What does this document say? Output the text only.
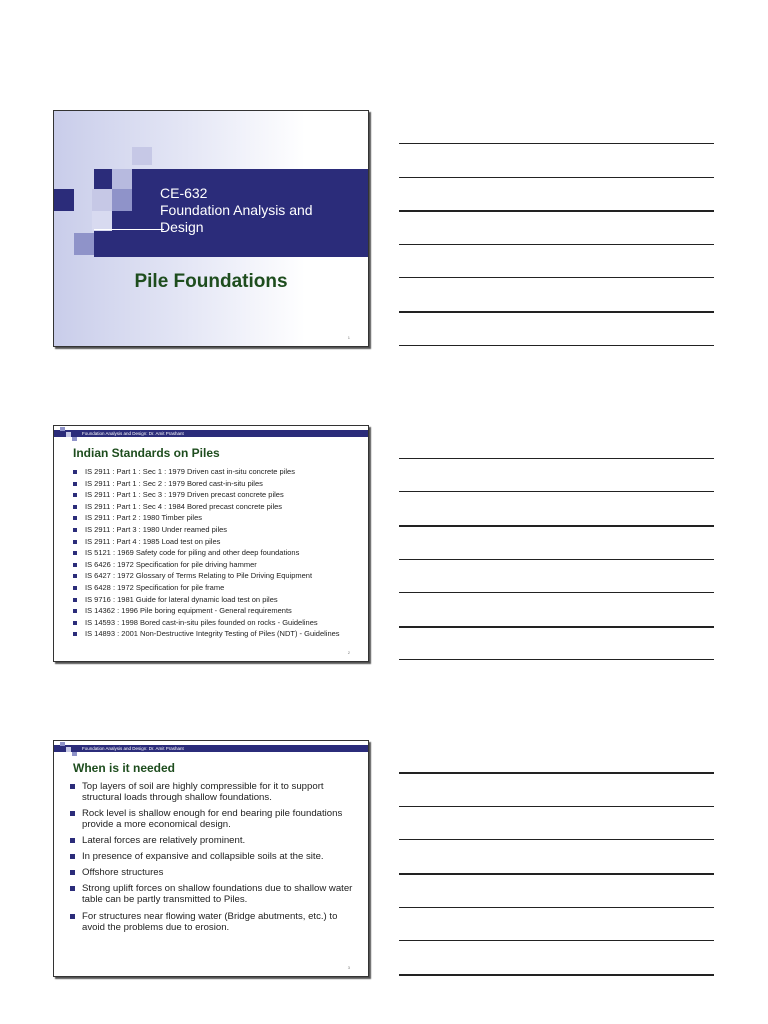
CE-632
Foundation Analysis and
Design
Pile Foundations
1
Foundation Analysis and Design: Dr. Amit Prashant
Indian Standards on Piles
IS 2911 : Part 1 : Sec 1 : 1979 Driven cast in-situ concrete piles
IS 2911 : Part 1 : Sec 2 : 1979 Bored cast-in-situ piles
IS 2911 : Part 1 : Sec 3 : 1979 Driven precast concrete piles
IS 2911 : Part 1 : Sec 4 : 1984 Bored precast concrete piles
IS 2911 : Part 2 : 1980 Timber piles
IS 2911 : Part 3 : 1980 Under reamed piles
IS 2911 : Part 4 : 1985 Load test on piles
IS 5121 : 1969 Safety code for piling and other deep foundations
IS 6426 : 1972 Specification for pile driving hammer
IS 6427 : 1972 Glossary of Terms Relating to Pile Driving Equipment
IS 6428 : 1972 Specification for pile frame
IS 9716 : 1981 Guide for lateral dynamic load test on piles
IS 14362 : 1996 Pile boring equipment - General requirements
IS 14593 : 1998 Bored cast-in-situ piles founded on rocks - Guidelines
IS 14893 : 2001 Non-Destructive Integrity Testing of Piles (NDT) - Guidelines
2
Foundation Analysis and Design: Dr. Amit Prashant
When is it needed
Top layers of soil are highly compressible for it to support structural loads through shallow foundations.
Rock level is shallow enough for end bearing pile foundations provide a more economical design.
Lateral forces are relatively prominent.
In presence of expansive and collapsible soils at the site.
Offshore structures
Strong uplift forces on shallow foundations due to shallow water table can be partly transmitted to Piles.
For structures near flowing water (Bridge abutments, etc.) to avoid the problems due to erosion.
3
